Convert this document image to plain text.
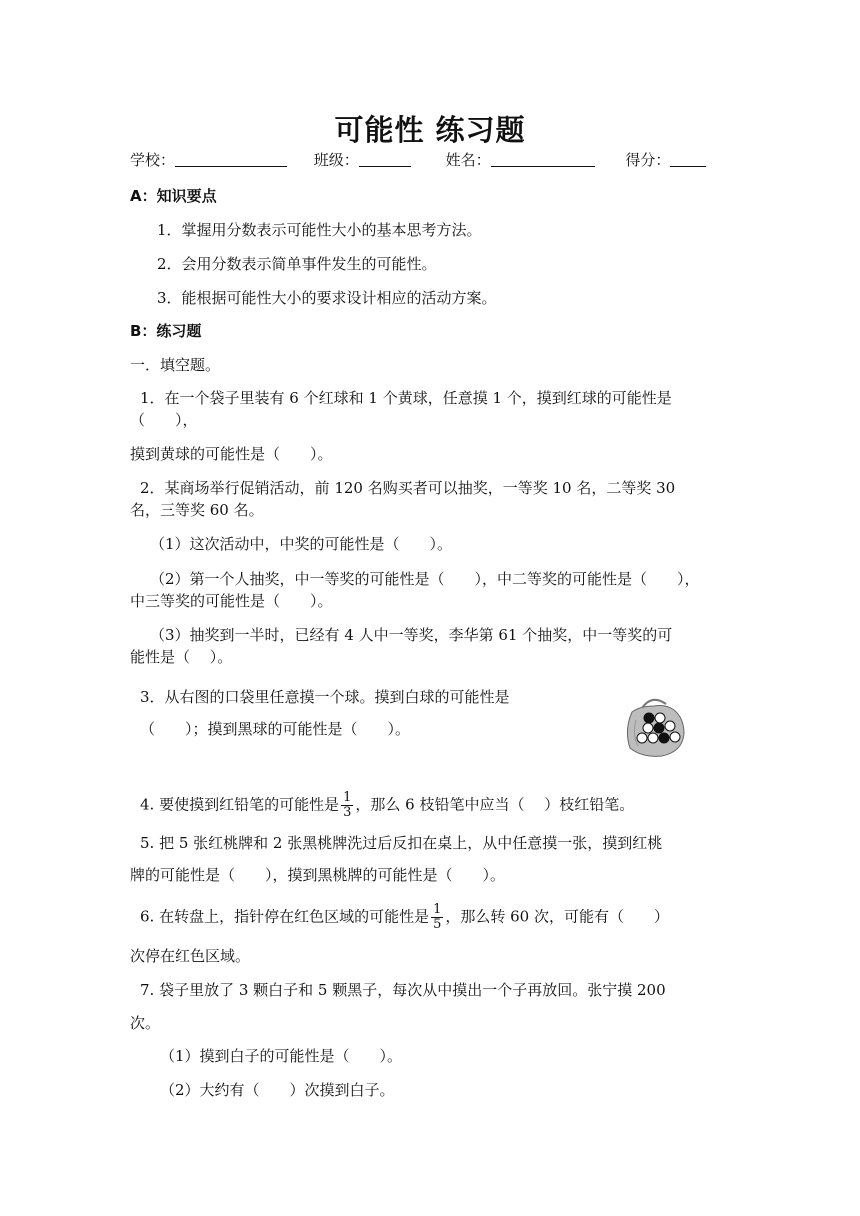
可能性 练习题
学校：	班级：	姓名：	得分：
A：知识要点
1．掌握用分数表示可能性大小的基本思考方法。
2．会用分数表示简单事件发生的可能性。
3．能根据可能性大小的要求设计相应的活动方案。
B：练习题
一．填空题。
1．在一个袋子里装有 6 个红球和 1 个黄球，任意摸 1 个，摸到红球的可能性是
（　　），
摸到黄球的可能性是（　　）。
2．某商场举行促销活动，前 120 名购买者可以抽奖，一等奖 10 名，二等奖 30
名，三等奖 60 名。
（1）这次活动中，中奖的可能性是（　　）。
（2）第一个人抽奖，中一等奖的可能性是（　　），中二等奖的可能性是（　　），
中三等奖的可能性是（　　）。
（3）抽奖到一半时，已经有 4 人中一等奖，李华第 61 个抽奖，中一等奖的可
能性是（　 ）。
3．从右图的口袋里任意摸一个球。摸到白球的可能性是
（　　）；摸到黑球的可能性是（　　）。
4. 要使摸到红铅笔的可能性是 $\frac{1}{3}$ ，那么 6 枝铅笔中应当（　 ）枝红铅笔。
5. 把 5 张红桃牌和 2 张黑桃牌洗过后反扣在桌上，从中任意摸一张，摸到红桃
牌的可能性是（　　），摸到黑桃牌的可能性是（　　）。
6. 在转盘上，指针停在红色区域的可能性是 $\frac{1}{5}$ ，那么转 60 次，可能有（　　）
次停在红色区域。
7. 袋子里放了 3 颗白子和 5 颗黑子，每次从中摸出一个子再放回。张宁摸 200
次。
（1）摸到白子的可能性是（　　）。
（2）大约有（　　）次摸到白子。
